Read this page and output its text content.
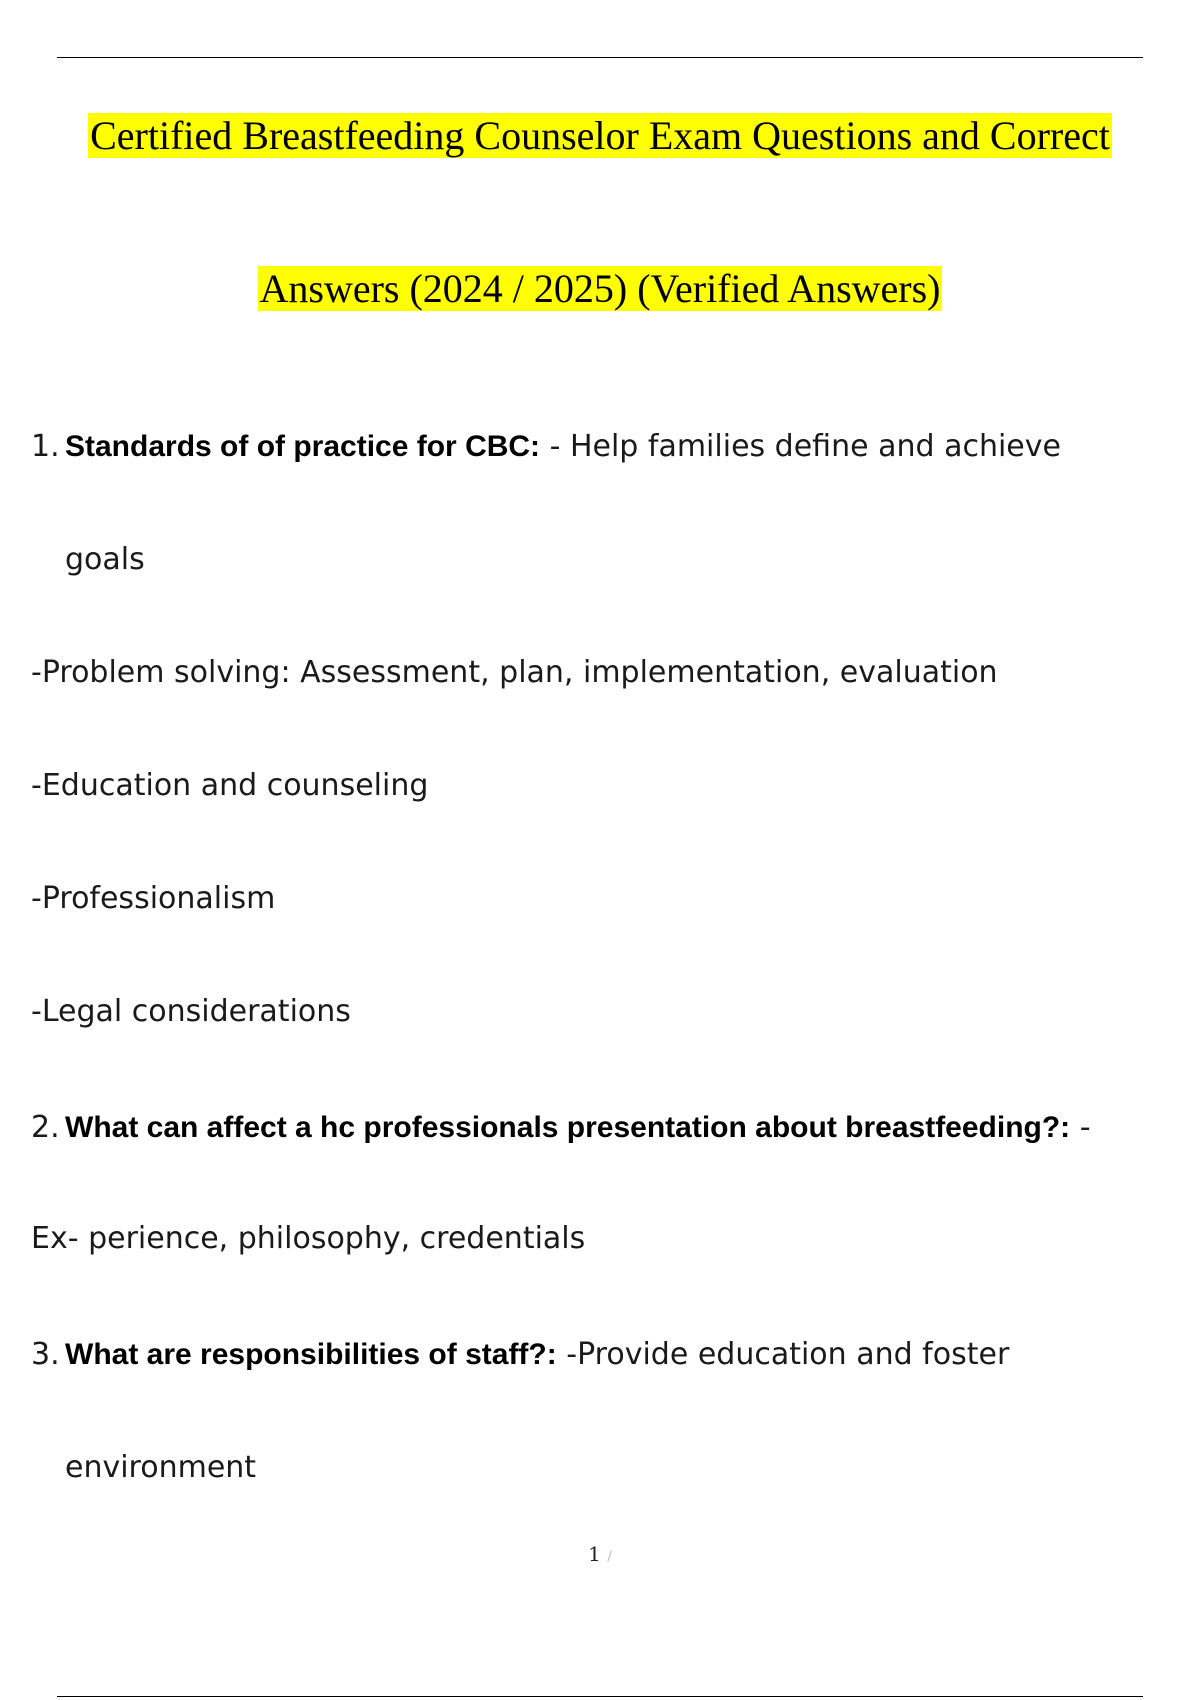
Certified Breastfeeding Counselor Exam Questions and Correct
Answers (2024 / 2025) (Verified Answers)
1. Standards of of practice for CBC: - Help families define and achieve
goals
-Problem solving: Assessment, plan, implementation, evaluation
-Education and counseling
-Professionalism
-Legal considerations
2. What can affect a hc professionals presentation about breastfeeding?: -
Ex- perience, philosophy, credentials
3. What are responsibilities of staff?: -Provide education and foster
environment
1 /
